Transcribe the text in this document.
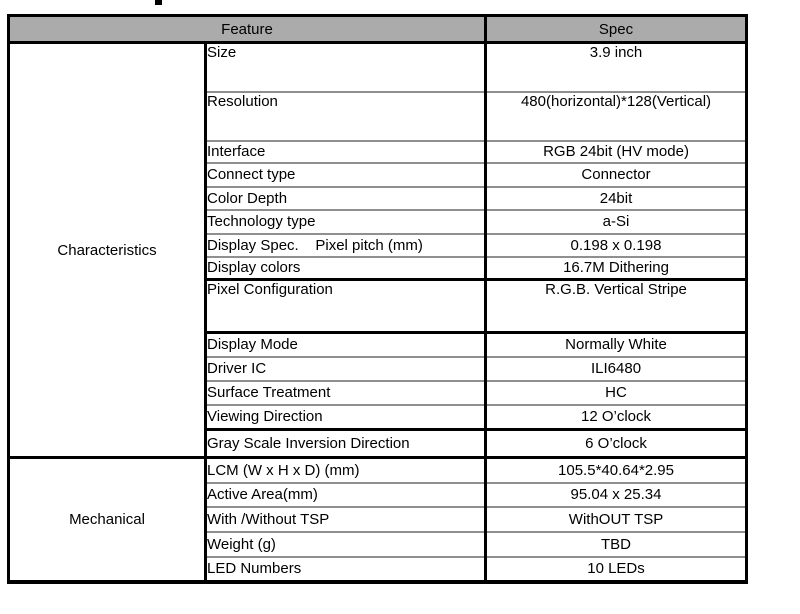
Feature		Spec
Characteristics	Size	3.9 inch
	Resolution	480(horizontal)*128(Vertical)
	Interface	RGB 24bit (HV mode)
	Connect type	Connector
	Color Depth	24bit
	Technology type	a-Si
	Display Spec.    Pixel pitch (mm)	0.198 x 0.198
	Display colors	16.7M Dithering
	Pixel Configuration	R.G.B. Vertical Stripe
	Display Mode	Normally White
	Driver IC	ILI6480
	Surface Treatment	HC
	Viewing Direction	12 O’clock
	Gray Scale Inversion Direction	6 O’clock
Mechanical	LCM (W x H x D) (mm)	105.5*40.64*2.95
	Active Area(mm)	95.04 x 25.34
	With /Without TSP	WithOUT TSP
	Weight (g)	TBD
	LED Numbers	10 LEDs
